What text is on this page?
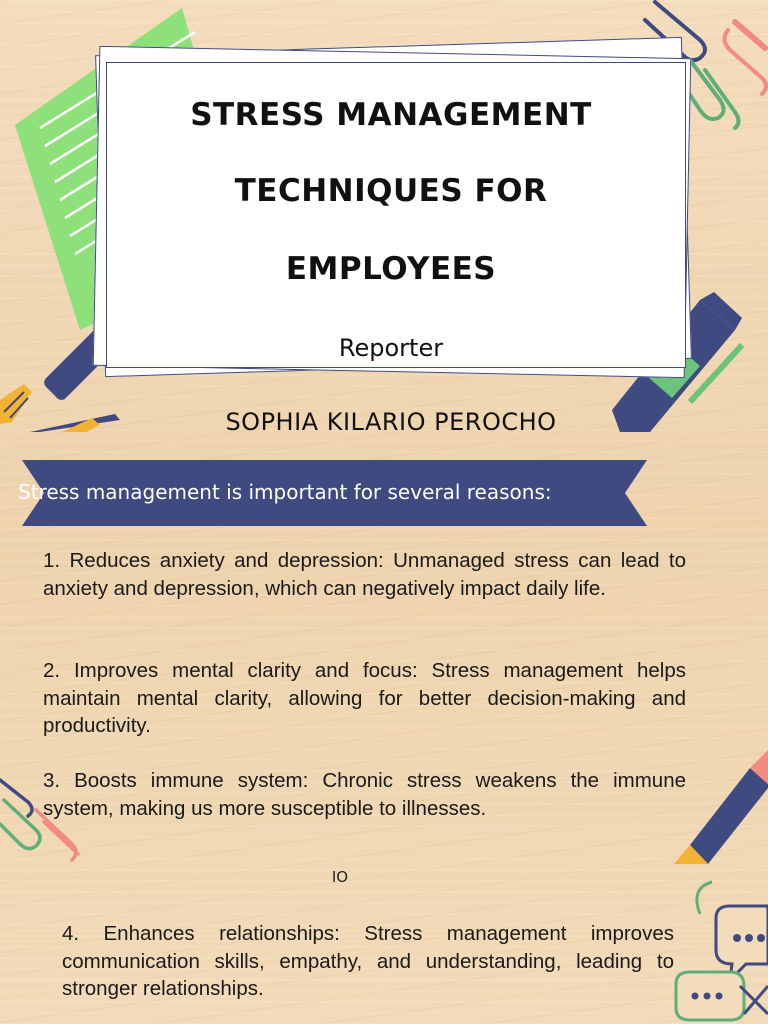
STRESS MANAGEMENT
TECHNIQUES FOR
EMPLOYEES

Reporter

SOPHIA KILARIO PEROCHO

Stress management is important for several reasons:

1. Reduces anxiety and depression: Unmanaged stress can lead to anxiety and depression, which can negatively impact daily life.

2. Improves mental clarity and focus: Stress management helps maintain mental clarity, allowing for better decision-making and productivity.

3. Boosts immune system: Chronic stress weakens the immune system, making us more susceptible to illnesses.

IO

4. Enhances relationships: Stress management improves communication skills, empathy, and understanding, leading to stronger relationships.
